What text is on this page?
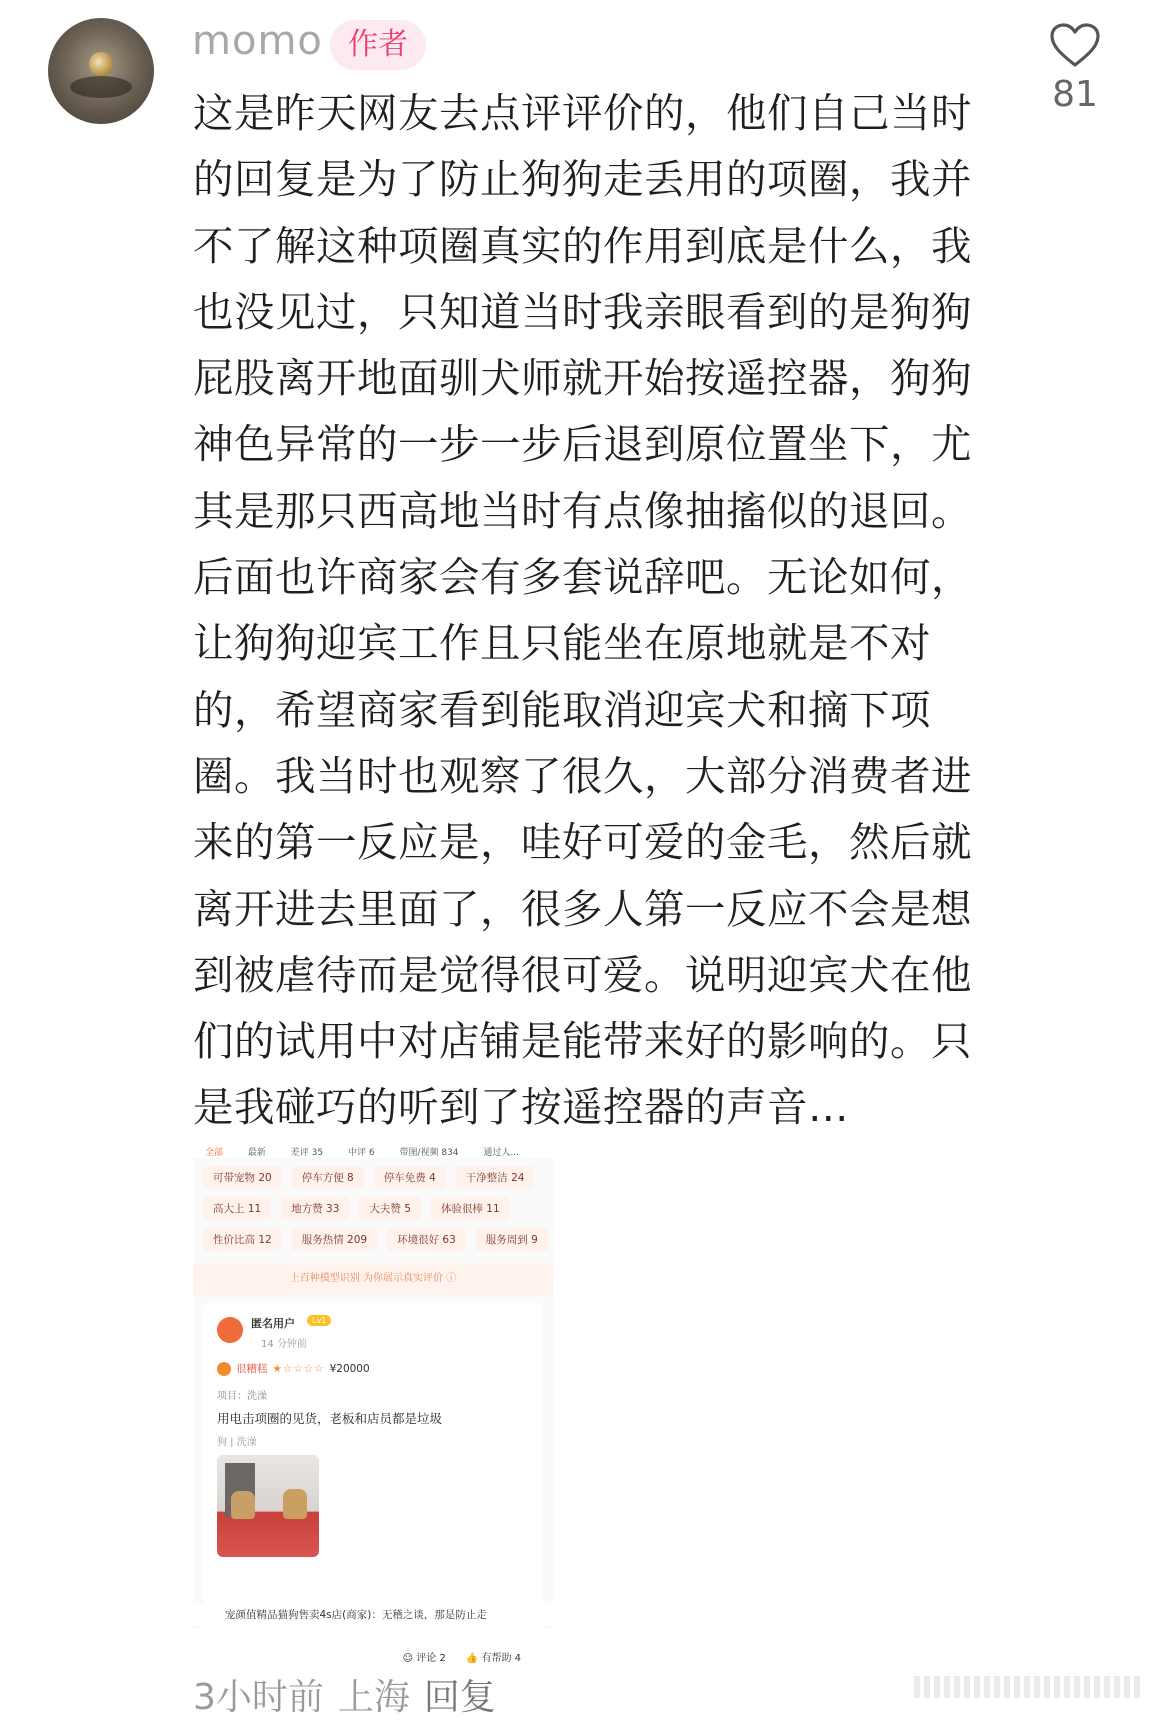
momo 作者
81
这是昨天网友去点评评价的，他们自己当时
的回复是为了防止狗狗走丢用的项圈，我并
不了解这种项圈真实的作用到底是什么，我
也没见过，只知道当时我亲眼看到的是狗狗
屁股离开地面驯犬师就开始按遥控器，狗狗
神色异常的一步一步后退到原位置坐下，尤
其是那只西高地当时有点像抽搐似的退回。
后面也许商家会有多套说辞吧。无论如何，
让狗狗迎宾工作且只能坐在原地就是不对
的，希望商家看到能取消迎宾犬和摘下项
圈。我当时也观察了很久，大部分消费者进
来的第一反应是，哇好可爱的金毛，然后就
离开进去里面了，很多人第一反应不会是想
到被虐待而是觉得很可爱。说明迎宾犬在他
们的试用中对店铺是能带来好的影响的。只
是我碰巧的听到了按遥控器的声音…
全部	最新	差评 35	中评 6	带图/视频 834	通过人...
可带宠物 20	停车方便 8	停车免费 4	干净整洁 24
高大上 11	地方赞 33	大夫赞 5	体验很棒 11
性价比高 12	服务热情 209	环境很好 63	服务周到 9
上百种模型识别 为你展示真实评价 ⓘ
匿名用户	Lv1
14 分钟前
很糟糕 ★☆☆☆☆ ¥20000
项目：洗澡
用电击项圈的见货，老板和店员都是垃圾
狗 | 洗澡
☺ 评论 2 👍 有帮助 4
宠颜值精品猫狗售卖4s店(商家)：无稽之谈，那是防止走
3小时前 上海 回复
